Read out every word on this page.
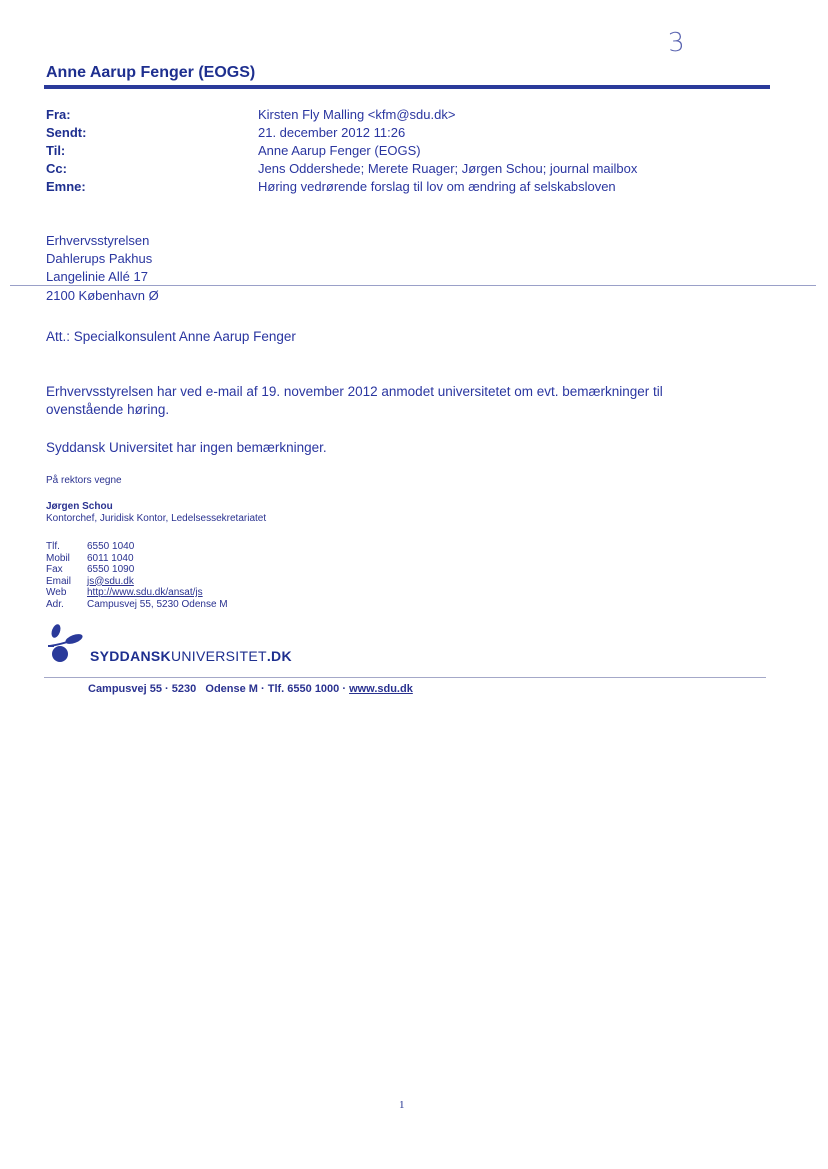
3
Anne Aarup Fenger (EOGS)
Fra:	Kirsten Fly Malling <kfm@sdu.dk>
Sendt:	21. december 2012 11:26
Til:	Anne Aarup Fenger (EOGS)
Cc:	Jens Oddershede; Merete Ruager; Jørgen Schou; journal mailbox
Emne:	Høring vedrørende forslag til lov om ændring af selskabsloven
Erhvervsstyrelsen
Dahlerups Pakhus
Langelinie Allé 17
2100 København Ø
Att.: Specialkonsulent Anne Aarup Fenger
Erhvervsstyrelsen har ved e-mail af 19. november 2012 anmodet universitetet om evt. bemærkninger til
ovenstående høring.
Syddansk Universitet har ingen bemærkninger.
På rektors vegne
Jørgen Schou
Kontorchef, Juridisk Kontor, Ledelsessekretariatet
Tlf.	6550 1040
Mobil 6011 1040
Fax 6550 1090
Email js@sdu.dk
Web http://www.sdu.dk/ansat/js
Adr. Campusvej 55, 5230 Odense M
SYDDANSKUNIVERSITET.DK
Campusvej 55 · 5230   Odense M · Tlf. 6550 1000 · www.sdu.dk
1
